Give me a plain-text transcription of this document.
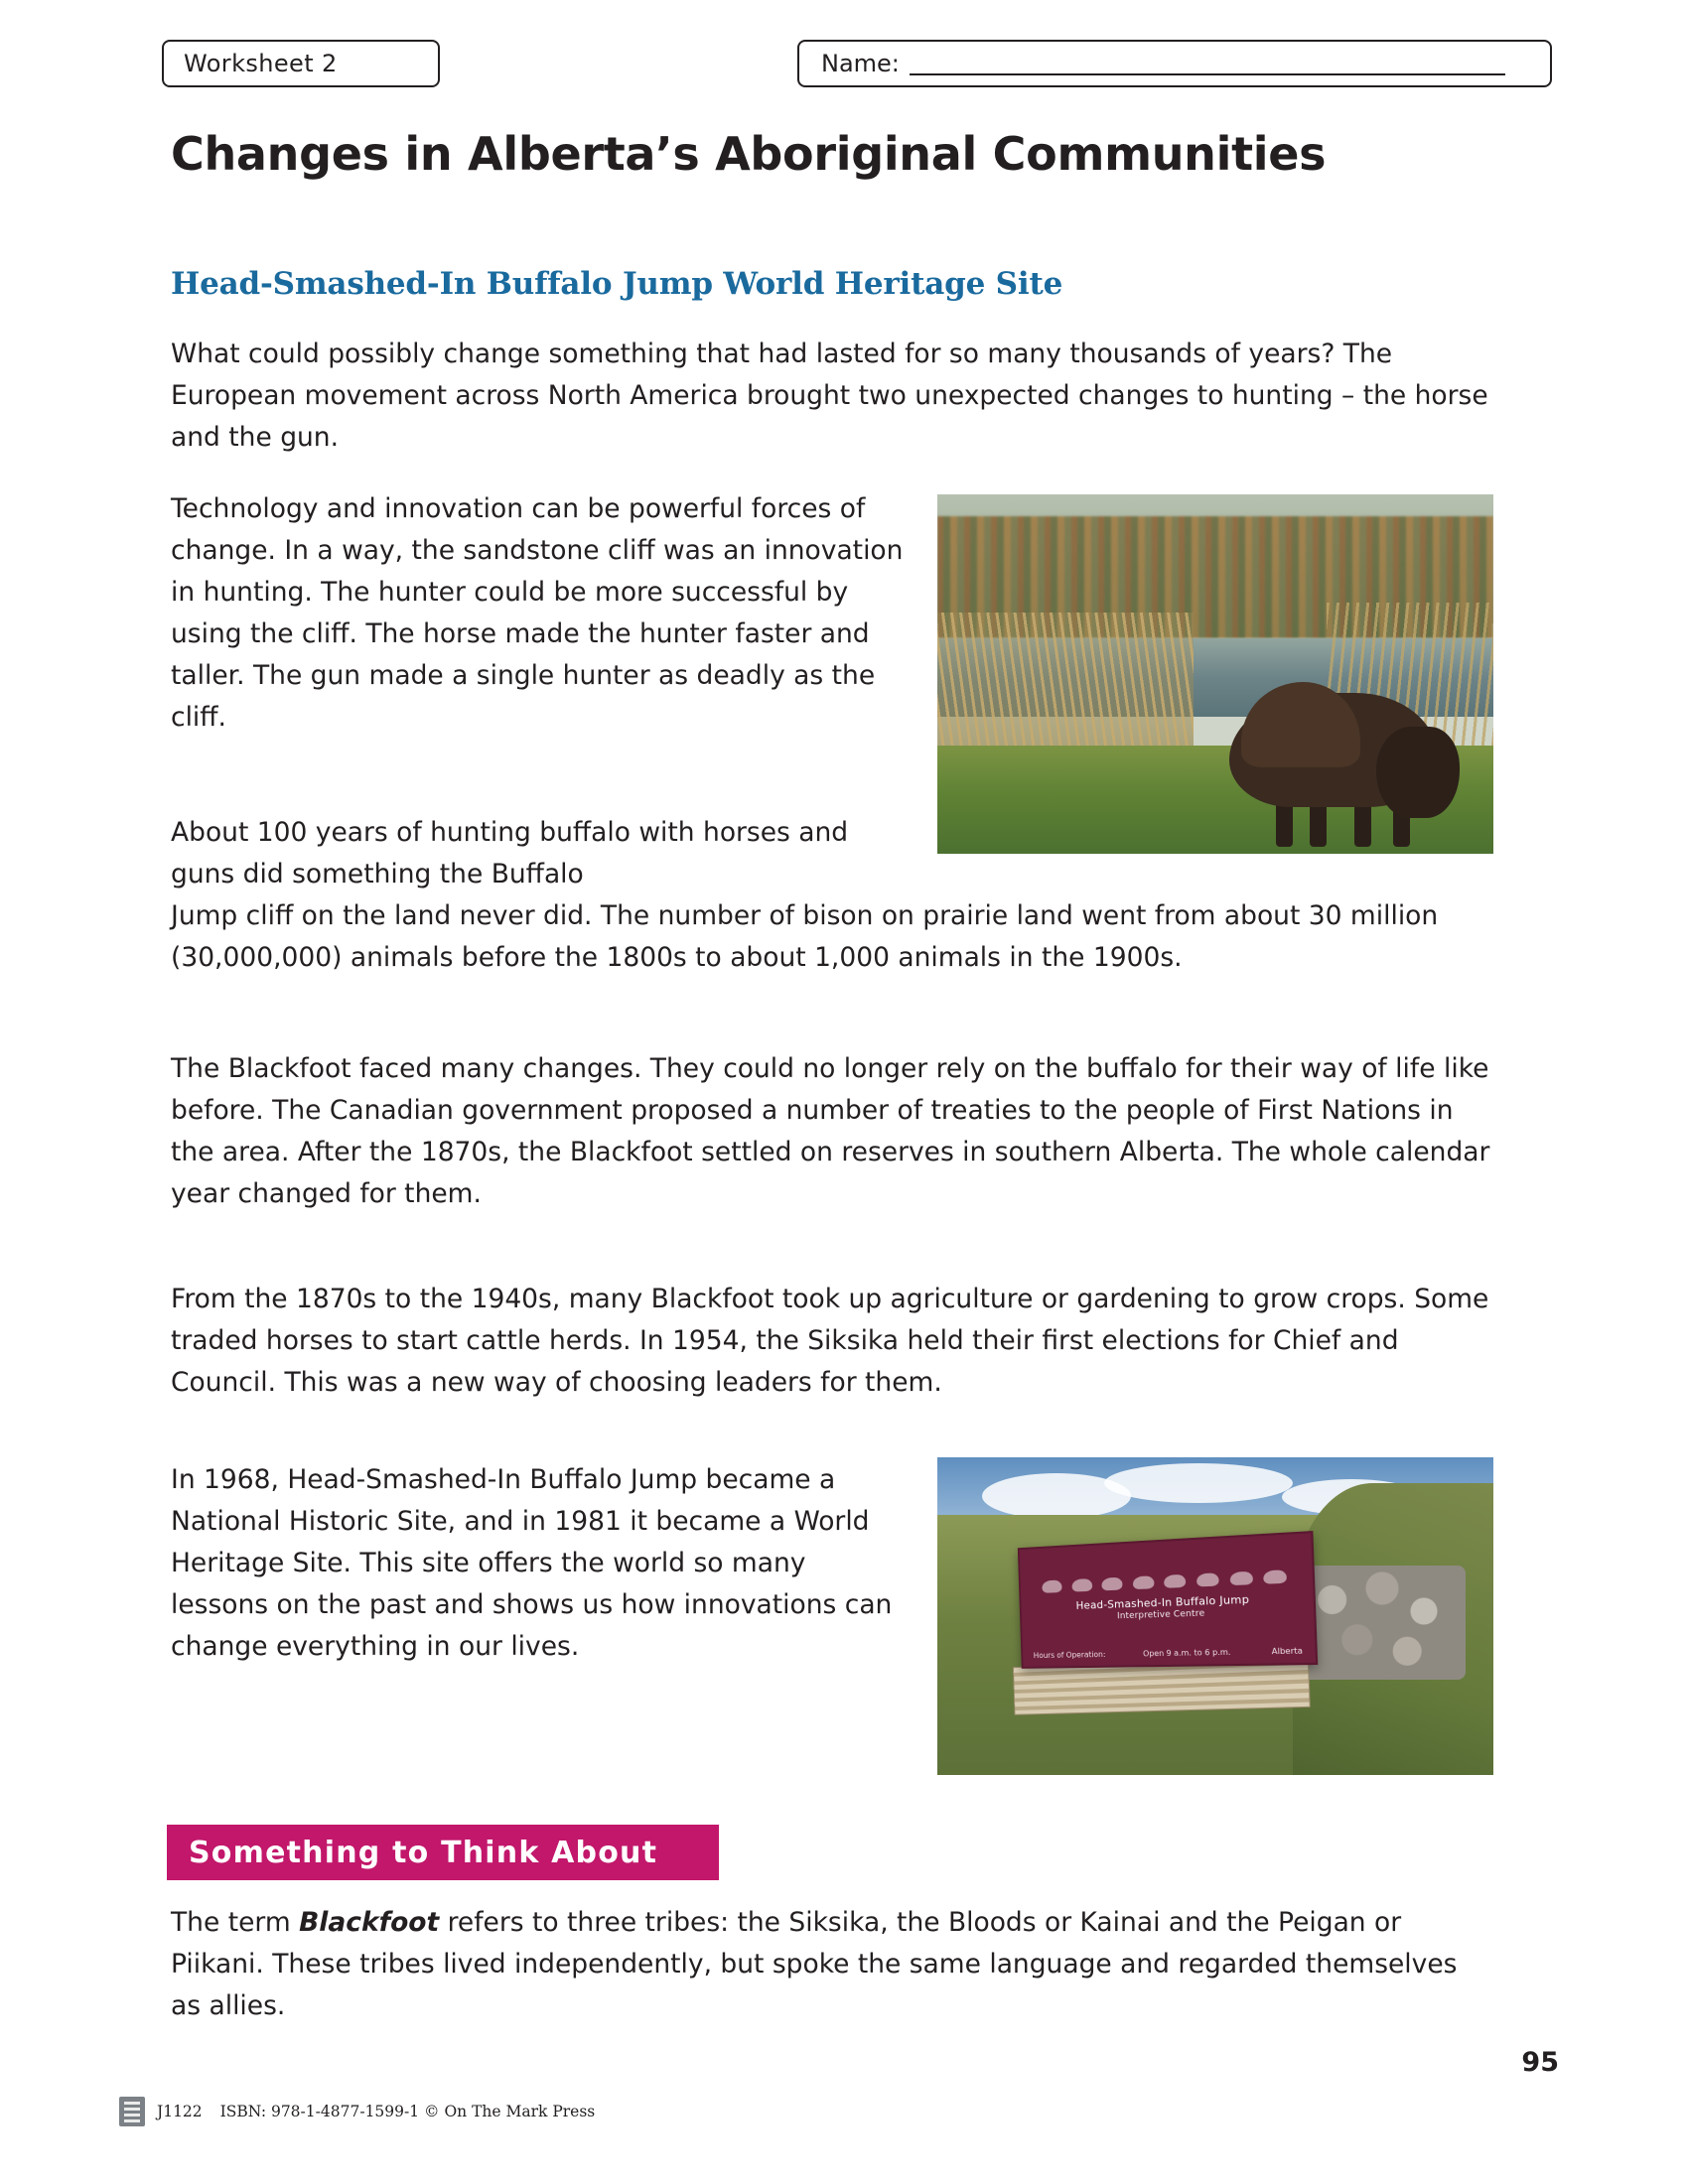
Worksheet 2	Name:
Changes in Alberta’s Aboriginal Communities
Head-Smashed-In Buffalo Jump World Heritage Site

What could possibly change something that had lasted for so many thousands of years? The European movement across North America brought two unexpected changes to hunting – the horse and the gun.

Technology and innovation can be powerful forces of change. In a way, the sandstone cliff was an innovation in hunting. The hunter could be more successful by using the cliff. The horse made the hunter faster and taller. The gun made a single hunter as deadly as the cliff.

About 100 years of hunting buffalo with horses and guns did something the Buffalo

Jump cliff on the land never did. The number of bison on prairie land went from about 30 million (30,000,000) animals before the 1800s to about 1,000 animals in the 1900s.

The Blackfoot faced many changes. They could no longer rely on the buffalo for their way of life like before. The Canadian government proposed a number of treaties to the people of First Nations in the area. After the 1870s, the Blackfoot settled on reserves in southern Alberta. The whole calendar year changed for them.

From the 1870s to the 1940s, many Blackfoot took up agriculture or gardening to grow crops. Some traded horses to start cattle herds. In 1954, the Siksika held their first elections for Chief and Council. This was a new way of choosing leaders for them.

In 1968, Head-Smashed-In Buffalo Jump became a National Historic Site, and in 1981 it became a World Heritage Site. This site offers the world so many lessons on the past and shows us how innovations can change everything in our lives.

Head-Smashed-In Buffalo Jump
Interpretive Centre
Hours of Operation:	Open 9 a.m. to 6 p.m.	Alberta
Something to Think About

The term Blackfoot refers to three tribes: the Siksika, the Bloods or Kainai and the Peigan or Piikani. These tribes lived independently, but spoke the same language and regarded themselves as allies.

95
J1122 ISBN: 978-1-4877-1599-1 © On The Mark Press
